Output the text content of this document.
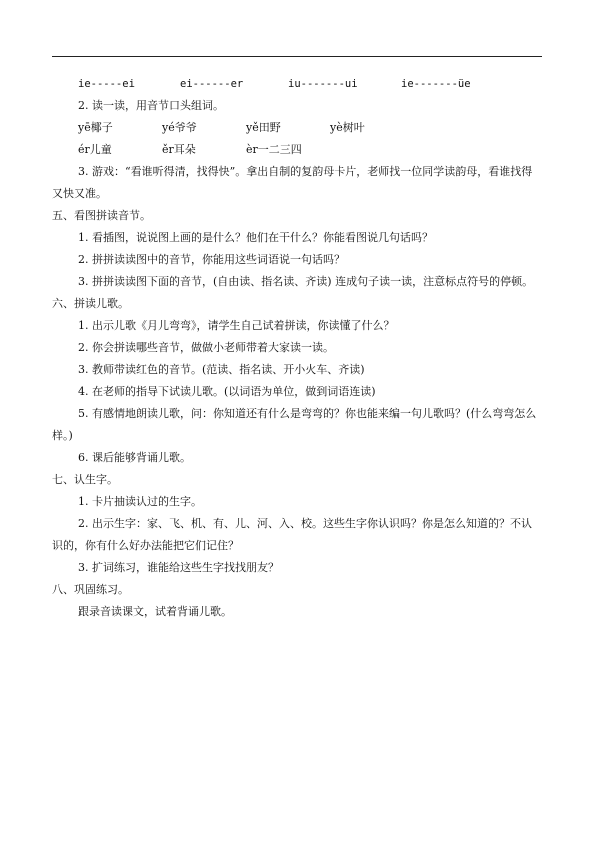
ie-----ei	ei------er	iu-------ui	ie-------üe
2. 读一读，用音节口头组词。
yē椰子	yé爷爷	yě田野	yè树叶
ér儿童	ěr耳朵	èr一二三四
3. 游戏：“看谁听得清，找得快”。拿出自制的复韵母卡片，老师找一位同学读韵母，看谁找得又快又准。
五、看图拼读音节。
1. 看插图，说说图上画的是什么？他们在干什么？你能看图说几句话吗？
2. 拼拼读读图中的音节，你能用这些词语说一句话吗？
3. 拼拼读读图下面的音节，(自由读、指名读、齐读) 连成句子读一读，注意标点符号的停顿。
六、拼读儿歌。
1. 出示儿歌《月儿弯弯》，请学生自己试着拼读，你读懂了什么？
2. 你会拼读哪些音节，做做小老师带着大家读一读。
3. 教师带读红色的音节。(范读、指名读、开小火车、齐读)
4. 在老师的指导下试读儿歌。(以词语为单位，做到词语连读)
5. 有感情地朗读儿歌，问：你知道还有什么是弯弯的？你也能来编一句儿歌吗？(什么弯弯怎么样。)
6. 课后能够背诵儿歌。
七、认生字。
1. 卡片抽读认过的生字。
2. 出示生字：家、飞、机、有、儿、河、入、校。这些生字你认识吗？你是怎么知道的？不认识的，你有什么好办法能把它们记住？
3. 扩词练习，谁能给这些生字找找朋友？
八、巩固练习。
跟录音读课文，试着背诵儿歌。
